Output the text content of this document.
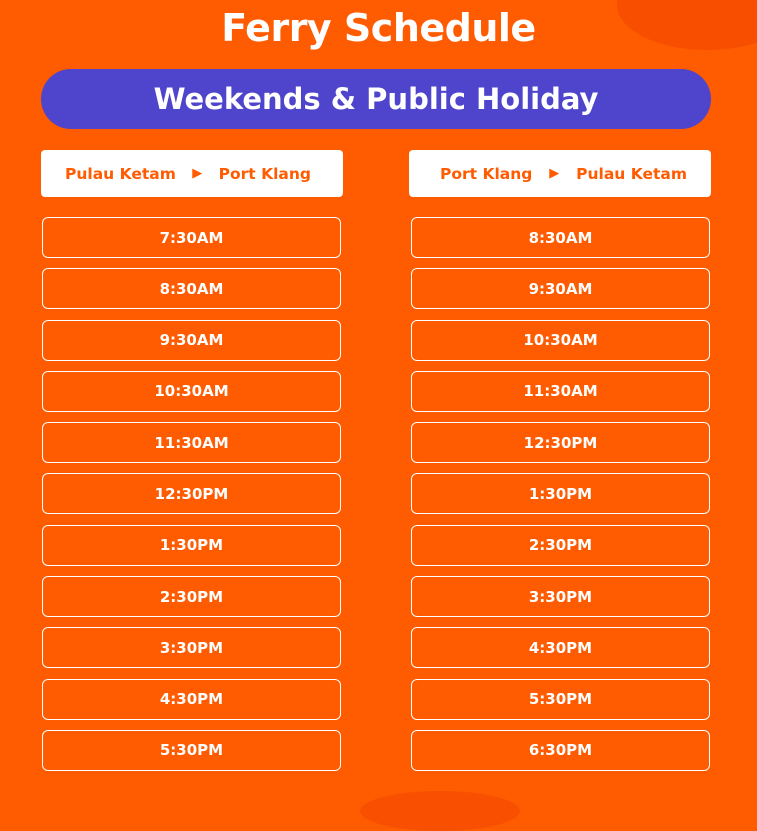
Ferry Schedule
Weekends & Public Holiday
Pulau Ketam ▶ Port Klang	Port Klang ▶ Pulau Ketam
7:30AM
8:30AM
9:30AM
10:30AM
11:30AM
12:30PM
1:30PM
2:30PM
3:30PM
4:30PM
5:30PM
8:30AM
9:30AM
10:30AM
11:30AM
12:30PM
1:30PM
2:30PM
3:30PM
4:30PM
5:30PM
6:30PM
